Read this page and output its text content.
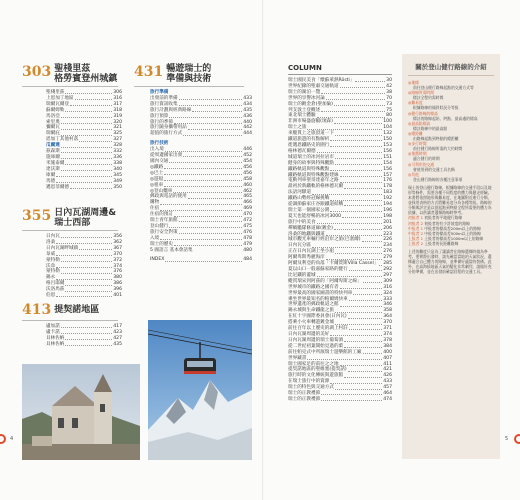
303 聖棧里茲
格勞賓登州城鎮
聖棧里茲	306
上恩加丁地區	316
瑞爾瓦爾登	317
蘇爾姆勒	318
馬洛亞	319
索里奧	320
彌爾瓦	321
瑞爾庇	325
恩加丁其他村落	327
瓜爾達	328
茲森斯	332
施庫爾	336
米施泰爾	338
達沃斯	340
庫爾	345
馬德	349
邁恩菲爾德	350
355 日內瓦湖周邊&
瑞士西部
日內瓦	356
洛桑	362
日內瓦湖畔城鎮	367
韋威	370
蒙特勒	372
沃韋	374
蒙特勒	376
錫永	380
格呂耶爾	386
沃洛馬茲	396
伯恩	401
413 提契諾地區
盧加諾	417
盧卡諾	423
貝林佐納	427
貝林佐納	435
431 暢遊瑞士的
準備與技術
旅行準備
出發前的準備	433
旅行資訊收集	434
旅行計劃與經典路線	435
旅行預算	436
旅行的季節	440
旅行隨身攜帶用品	442
超值的旅行方式	444
旅行技術
出入境	446
從周邊國家出發	452
國內交通	454
◎鐵路	456
◎巴士	456
◎遊船	458
◎租車	460
◎登山纜車	462
郵政與電話的使用	465
購物	466
住宿	469
住宿的預訂	470
瑞士青年旅館	472
登山健行	475
旅行安全對策	476
入境	478
瑞士的歷史	479
5 國語言 基本會話集	480
INDEX	484
COLUMN
瑞士國民美食「燉蘇萊熱Rösti」	30
世界紀錄的聖肅交通軌道	42
瑞士的湖泊一覽	38
世界的享譽冰河論	70
瑞士的鍍金倉(聖加倫)	73
列支敦士登概述	75
東北瑞士體驗	80
非洲市場盛旋幅(琉森)	100
瑞士之旅	104
來縱貫上之旅頂道一下	132
鐵道旅遊的有點解析	150
徙邁恩鐵路史的圍行	153
格林德瓦爾德	156
城道瑞士的冰河拉岩市	151
健身的故事與特殊觀點	154
鐵路軌道與特殊觀點	156
鐵路軌道與特殊觀點建線	157
電動列車聖哥達嘉年之路	176
最初於新鐵軌的格林德瓦爾	178
法語河驛道	183
鐵路山勢經冠線挑戰	192
從調節蘇家庄谷跟鐵道結構	194
瑞士第一個國家公園	196
夏天也能舒暢的冰河3000	198
旅行中的美食	201
禪繽艦隊修道廊(鍍金)	206
洛桑的地鐵與鐵道	223
城市觀光車輛行經沿岸之旅(巴塞爾)	226
日內瓦分區	234
正在日內瓦湖上坐小船	276
阿爾卑斯秀麗海岸	279
阿爾及利亞的角落「卡爾賈斯Villa Cassel」 285
夏以山口一般嘉蘇家路的健行	292
比尼鐵的蓋城	297
縱貫瑞宋到阿茲的「阿爾卑斯之線」	309
世界城市的鐵路之國有者	316
世界最高的國家圖書的特快列車	324
乘坐世界最知名的帕爾姆快車	333
世界遺產的郵政軌道之館	346
錫永城與生命鐵龍之旅	358
在紅十字國際委員會(日內瓦)	364
搭乘小火車轉遊鍍金城	370
前往百年以上歷史的湖上村莊	371
日內瓦湖周邊的美好	374
日內瓦湖周邊的瑞士葡萄酒	378
從二世紀初葉開始見過的菓	384
前往帕克式中所演瑞士遊樂館的工廠	400
世界藏書	407
瑞士國家足的前往之之地	411
提契諾地區的聖維塞(提契諾)	421
旅行時的文化傳統與遊旅館	426
在瑞士旅行中的資源	433
瑞士的特色與交通方式	457
瑞士的正教禮節	464
瑞士的正教禮節	474
關於登山健行路線的介紹

◎地標

前往登山健行路線起點的交通方式等

◎路線所需時間

標註全程約需時間

◎難易度

根據路線的傾斜狀況分等級

◎健行路線的標高

標註的路線起始、終點、最高處的標高

◎最高點標高

標註路線中的最高點

◎總距離

由路線起點到終點的總距離

◎步行時間

前往健行路線所需的大約時間

◎推薦時期

適合健行的時期

◎可利用的交通

會使用到的交通工具名稱

◎其他

登山健行路線的各種注意事項

瑞士的登山健行路線，根據路線的交通手段以及地形等條件，需要各種不同程度的體力與健走經驗。本書將依照地形與難易度，在地圖附近進行分類，並採用表格的方式將難易度分為各種等級。路線的分類與評定是以從起點到終點全程所需要的體力為依據，以供讀者選擇路線時參考。

初級者 1 初級者的平地健行路線

初級者 2 初級者的有少許坡度的路線

中級者 1 中級者的標高差200m以上的路線

中級者 2 中級者的標高差500m以上的路線

上級者 1 上級者的標高差1000m以上的路線

上級者 2 上級者的長距離路線

上述的難度只是為了讓讀者在路線選擇時做為參考。要實際出發時，請先確認當地的天氣狀況，選擇適合自己體力的路線，並準備好適當的裝備。此外，在高海拔地區天氣的變化非常劇烈，請做好充分的準備，並在出發前確認回程的交通工具。

4	5
